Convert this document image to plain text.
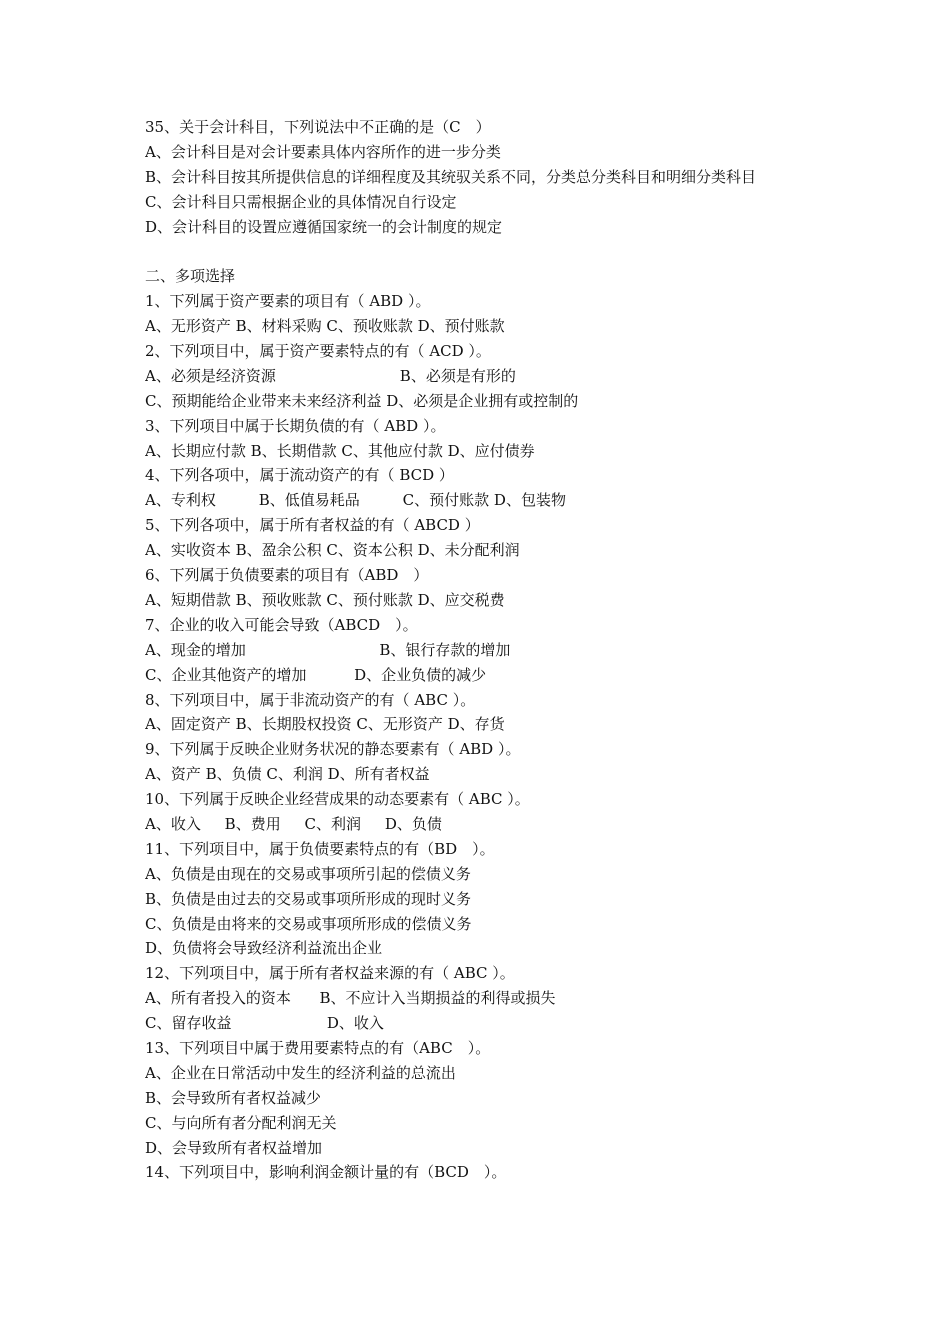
35、关于会计科目，下列说法中不正确的是（C　）
A、会计科目是对会计要素具体内容所作的进一步分类
B、会计科目按其所提供信息的详细程度及其统驭关系不同，分类总分类科目和明细分类科目
C、会计科目只需根据企业的具体情况自行设定
D、会计科目的设置应遵循国家统一的会计制度的规定
二、多项选择
1、下列属于资产要素的项目有（ ABD ）。
A、无形资产 B、材料采购 C、预收账款 D、预付账款
2、下列项目中，属于资产要素特点的有（ ACD ）。
A、必须是经济资源                          B、必须是有形的
C、预期能给企业带来未来经济利益 D、必须是企业拥有或控制的
3、下列项目中属于长期负债的有（ ABD ）。
A、长期应付款 B、长期借款 C、其他应付款 D、应付债券
4、下列各项中，属于流动资产的有（ BCD ）
A、专利权         B、低值易耗品         C、预付账款 D、包装物
5、下列各项中，属于所有者权益的有（ ABCD ）
A、实收资本 B、盈余公积 C、资本公积 D、未分配利润
6、下列属于负债要素的项目有（ABD　）
A、短期借款 B、预收账款 C、预付账款 D、应交税费
7、企业的收入可能会导致（ABCD　）。
A、现金的增加                            B、银行存款的增加
C、企业其他资产的增加          D、企业负债的减少
8、下列项目中，属于非流动资产的有（ ABC ）。
A、固定资产 B、长期股权投资 C、无形资产 D、存货
9、下列属于反映企业财务状况的静态要素有（ ABD ）。
A、资产 B、负债 C、利润 D、所有者权益
10、下列属于反映企业经营成果的动态要素有（ ABC ）。
A、收入     B、费用     C、利润     D、负债
11、下列项目中，属于负债要素特点的有（BD　）。
A、负债是由现在的交易或事项所引起的偿债义务
B、负债是由过去的交易或事项所形成的现时义务
C、负债是由将来的交易或事项所形成的偿债义务
D、负债将会导致经济利益流出企业
12、下列项目中，属于所有者权益来源的有（ ABC ）。
A、所有者投入的资本      B、不应计入当期损益的利得或损失
C、留存收益                    D、收入
13、下列项目中属于费用要素特点的有（ABC　）。
A、企业在日常活动中发生的经济利益的总流出
B、会导致所有者权益减少
C、与向所有者分配利润无关
D、会导致所有者权益增加
14、下列项目中，影响利润金额计量的有（BCD　）。
